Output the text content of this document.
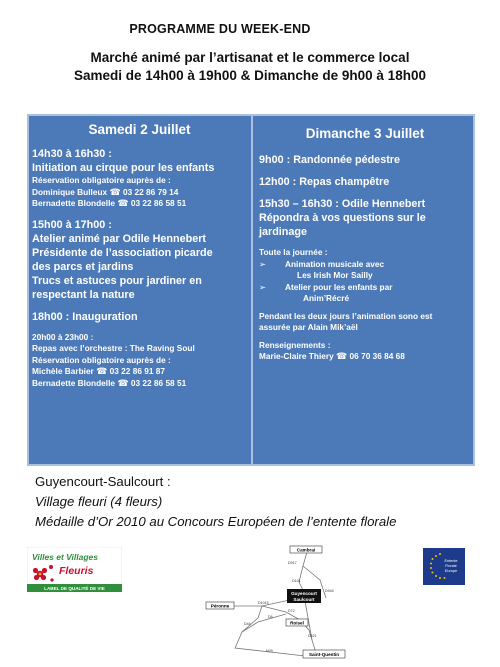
PROGRAMME DU WEEK-END
Marché animé par l’artisanat et le commerce local
Samedi de 14h00 à 19h00 & Dimanche de 9h00 à 18h00
Samedi 2 Juillet
14h30 à 16h30 :
Initiation au cirque pour les enfants
Réservation obligatoire auprès de :
Dominique Bulleux ☎ 03 22 86 79 14
Bernadette Blondelle ☎ 03 22 86 58 51
15h00 à 17h00 :
Atelier animé par Odile Hennebert
Présidente de l’association picarde
des parcs et jardins
Trucs et astuces pour jardiner en
respectant la nature
18h00 : Inauguration
20h00 à 23h00 :
Repas avec l’orchestre : The Raving Soul
Réservation obligatoire auprès de :
Michèle Barbier ☎ 03 22 86 91 87
Bernadette Blondelle ☎ 03 22 86 58 51
Dimanche 3 Juillet
9h00 : Randonnée pédestre
12h00 : Repas champêtre
15h30 – 16h30 : Odile Hennebert
Répondra à vos questions sur le
jardinage
Toute la journée :
➢ Animation musicale avec
Les Irish Mor Sailly
➢ Atelier pour les enfants par
Anim’Récré
Pendant les deux jours l’animation sono est
assurée par Alain Mik’aël
Renseignements :
Marie-Claire Thiery ☎ 06 70 36 84 68
Guyencourt-Saulcourt :
Village fleuri (4 fleurs)
Médaille d’Or 2010 au Concours Européen de l’entente florale
Villes et Villages
Fleuris
LABEL DE QUALITÉ DE VIE
Cambrai
Péronne
Guyencourt
Saulcourt
Roisel
Saint-Quentin
D917
D101
D944
D1015
D72
D6
D44
D421
N29
Entente
Florale
Europe
